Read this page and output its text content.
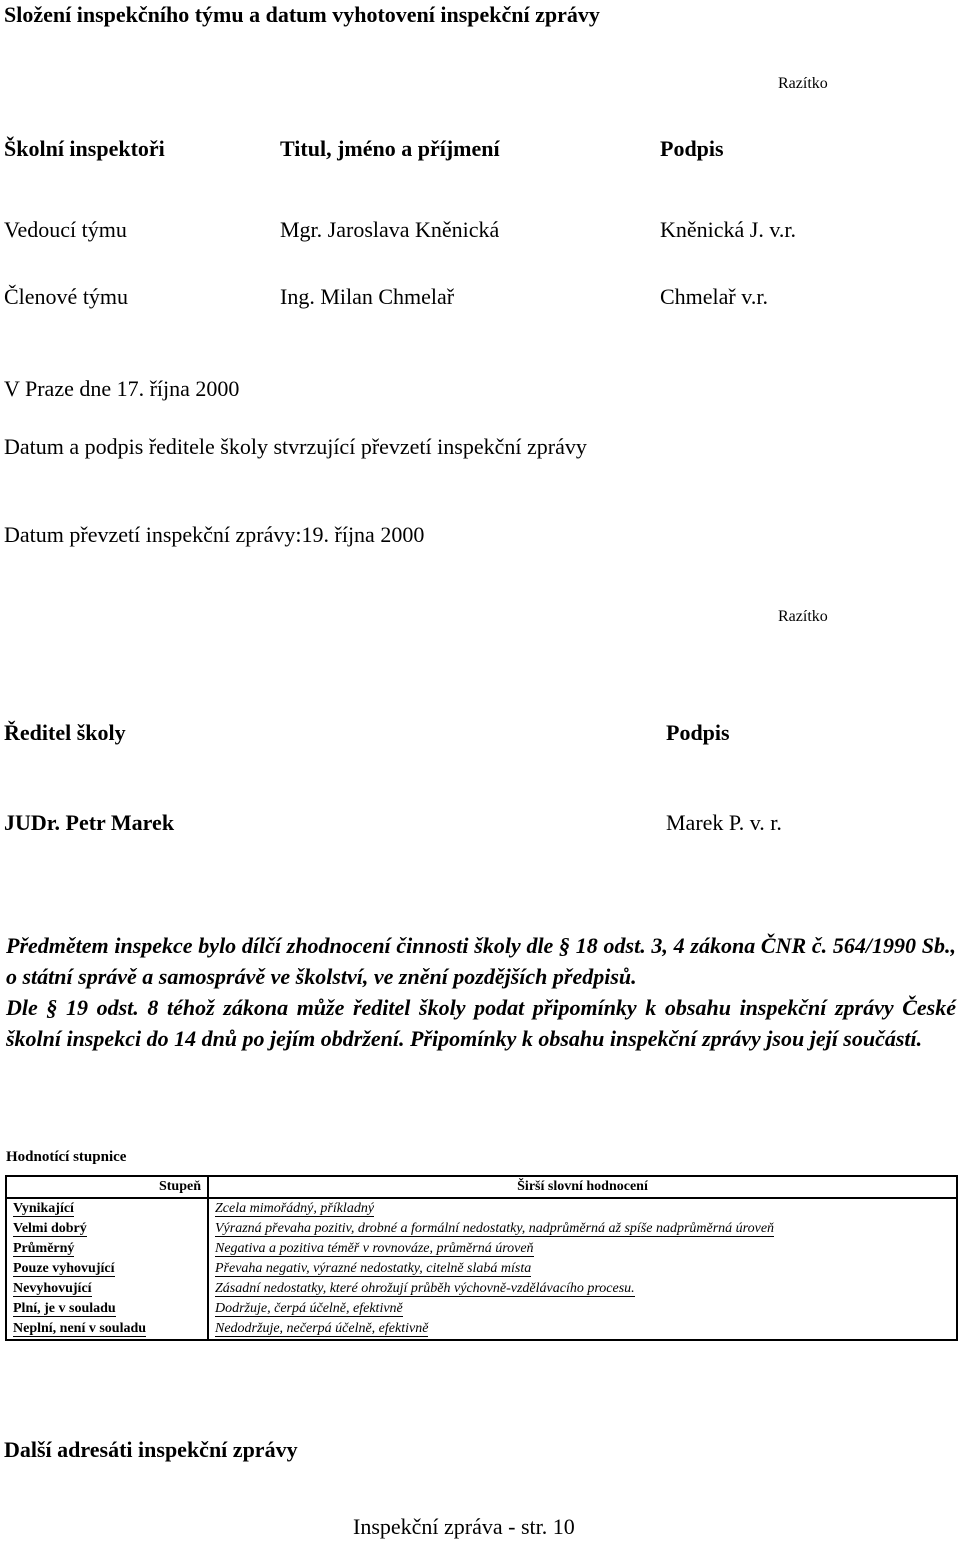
Složení inspekčního týmu a datum vyhotovení inspekční zprávy
Razítko
Školní inspektoři	Titul, jméno a příjmení	Podpis
Vedoucí týmu	Mgr. Jaroslava Kněnická	Kněnická J. v.r.
Členové týmu	Ing. Milan Chmelař	Chmelař v.r.
V Praze dne 17. října 2000
Datum a podpis ředitele školy stvrzující převzetí inspekční zprávy
Datum převzetí inspekční zprávy:19. října 2000
Razítko
Ředitel školy	Podpis
JUDr. Petr Marek	Marek P. v. r.

Předmětem inspekce bylo dílčí zhodnocení činnosti školy dle § 18 odst. 3, 4 zákona ČNR č. 564/1990 Sb., o státní správě a samosprávě ve školství, ve znění pozdějších předpisů.

Dle § 19 odst. 8 téhož zákona může ředitel školy podat připomínky k obsahu inspekční zprávy České školní inspekci do 14 dnů po jejím obdržení. Připomínky k obsahu inspekční zprávy jsou její součástí.

Hodnotící stupnice
Stupeň	Širší slovní hodnocení
Vynikající	Zcela mimořádný, příkladný
Velmi dobrý	Výrazná převaha pozitiv, drobné a formální nedostatky, nadprůměrná až spíše nadprůměrná úroveň
Průměrný	Negativa a pozitiva téměř v rovnováze, průměrná úroveň
Pouze vyhovující	Převaha negativ, výrazné nedostatky, citelně slabá místa
Nevyhovující	Zásadní nedostatky, které ohrožují průběh výchovně-vzdělávacího procesu.
Plní, je v souladu	Dodržuje, čerpá účelně, efektivně
Neplní, není v souladu	Nedodržuje, nečerpá účelně, efektivně
Další adresáti inspekční zprávy
Inspekční zpráva - str. 10
